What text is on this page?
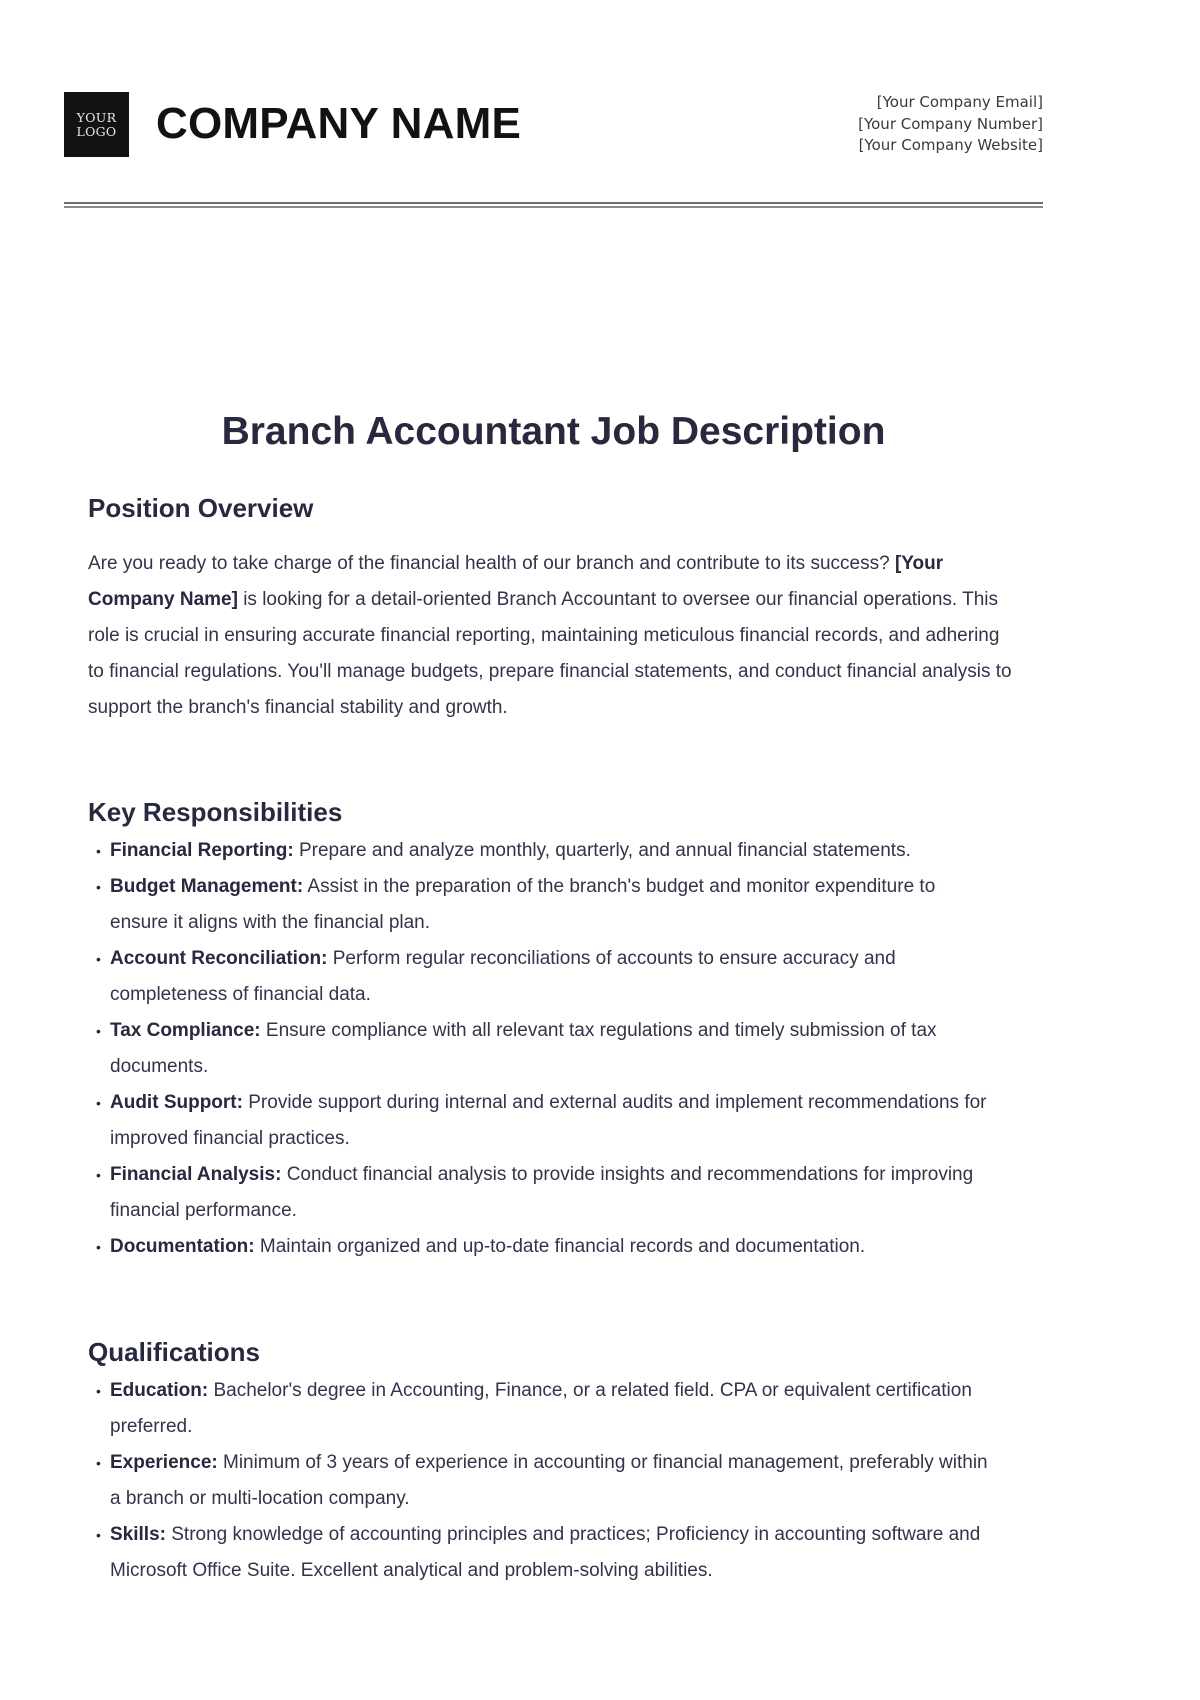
YOUR
LOGO COMPANY NAME	[Your Company Email]
[Your Company Number]
[Your Company Website]
Branch Accountant Job Description
Position Overview

Are you ready to take charge of the financial health of our branch and contribute to its success? [Your Company Name] is looking for a detail-oriented Branch Accountant to oversee our financial operations. This role is crucial in ensuring accurate financial reporting, maintaining meticulous financial records, and adhering to financial regulations. You'll manage budgets, prepare financial statements, and conduct financial analysis to support the branch's financial stability and growth.

Key Responsibilities
• Financial Reporting: Prepare and analyze monthly, quarterly, and annual financial statements.
• Budget Management: Assist in the preparation of the branch's budget and monitor expenditure to ensure it aligns with the financial plan.
• Account Reconciliation: Perform regular reconciliations of accounts to ensure accuracy and completeness of financial data.
• Tax Compliance: Ensure compliance with all relevant tax regulations and timely submission of tax documents.
• Audit Support: Provide support during internal and external audits and implement recommendations for improved financial practices.
• Financial Analysis: Conduct financial analysis to provide insights and recommendations for improving financial performance.
• Documentation: Maintain organized and up-to-date financial records and documentation.
Qualifications
• Education: Bachelor's degree in Accounting, Finance, or a related field. CPA or equivalent certification preferred.
• Experience: Minimum of 3 years of experience in accounting or financial management, preferably within a branch or multi-location company.
• Skills: Strong knowledge of accounting principles and practices; Proficiency in accounting software and Microsoft Office Suite. Excellent analytical and problem-solving abilities.
